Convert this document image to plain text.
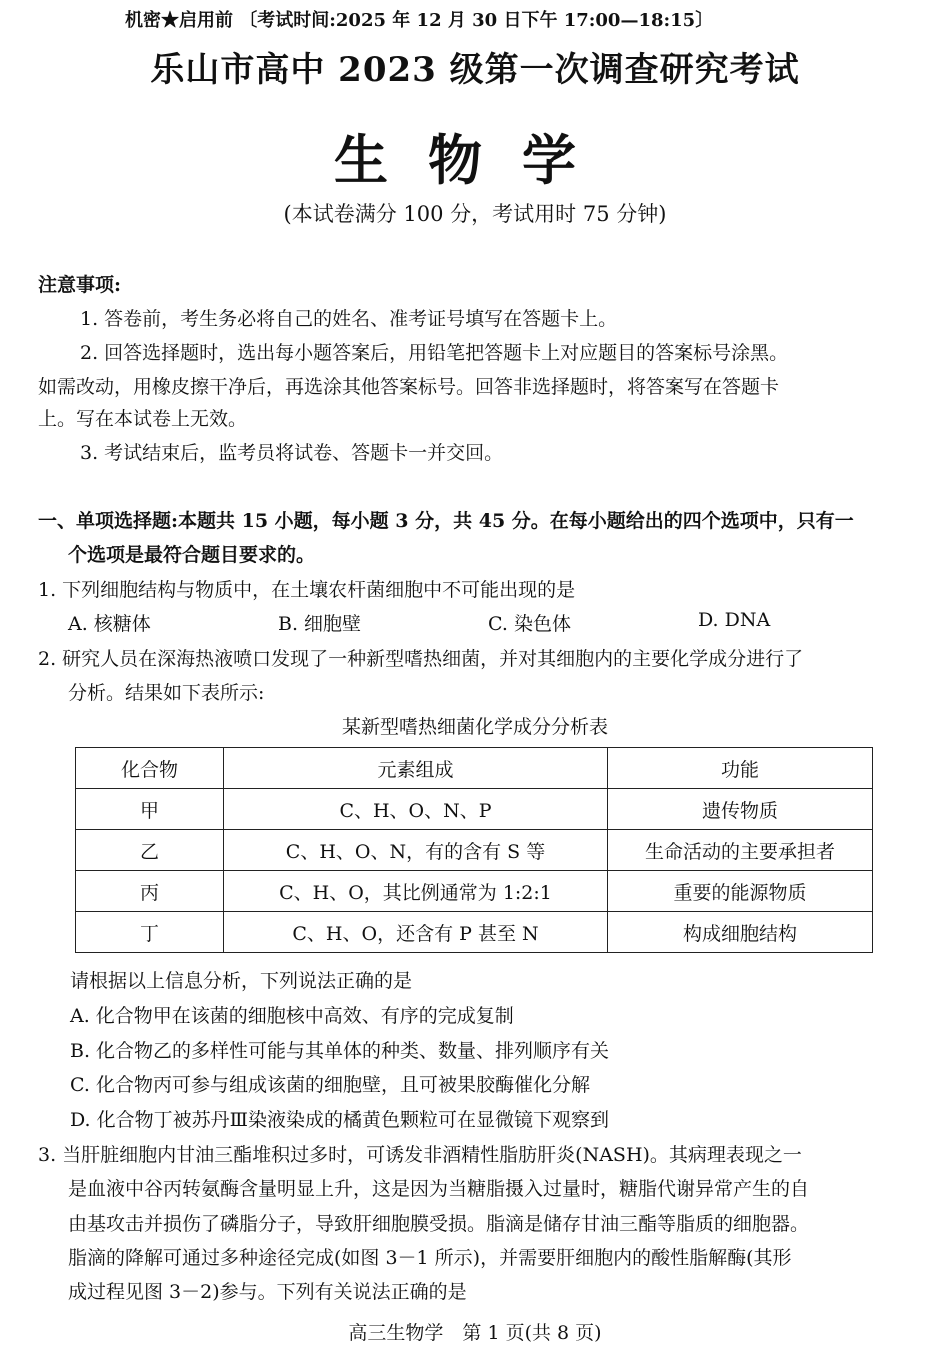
机密★启用前 〔考试时间:2025 年 12 月 30 日下午 17:00—18:15〕
乐山市高中 2023 级第一次调查研究考试
生物学
(本试卷满分 100 分，考试用时 75 分钟)
注意事项:
1. 答卷前，考生务必将自己的姓名、准考证号填写在答题卡上。
2. 回答选择题时，选出每小题答案后，用铅笔把答题卡上对应题目的答案标号涂黑。
如需改动，用橡皮擦干净后，再选涂其他答案标号。回答非选择题时，将答案写在答题卡
上。写在本试卷上无效。
3. 考试结束后，监考员将试卷、答题卡一并交回。
一、单项选择题:本题共 15 小题，每小题 3 分，共 45 分。在每小题给出的四个选项中，只有一
个选项是最符合题目要求的。
1. 下列细胞结构与物质中，在土壤农杆菌细胞中不可能出现的是
A. 核糖体	B. 细胞壁	C. 染色体	D. DNA
2. 研究人员在深海热液喷口发现了一种新型嗜热细菌，并对其细胞内的主要化学成分进行了
分析。结果如下表所示:
某新型嗜热细菌化学成分分析表
化合物	元素组成	功能
甲	C、H、O、N、P	遗传物质
乙	C、H、O、N，有的含有 S 等	生命活动的主要承担者
丙	C、H、O，其比例通常为 1:2:1	重要的能源物质
丁	C、H、O，还含有 P 甚至 N	构成细胞结构
请根据以上信息分析，下列说法正确的是
A. 化合物甲在该菌的细胞核中高效、有序的完成复制
B. 化合物乙的多样性可能与其单体的种类、数量、排列顺序有关
C. 化合物丙可参与组成该菌的细胞壁，且可被果胶酶催化分解
D. 化合物丁被苏丹Ⅲ染液染成的橘黄色颗粒可在显微镜下观察到
3. 当肝脏细胞内甘油三酯堆积过多时，可诱发非酒精性脂肪肝炎(NASH)。其病理表现之一
是血液中谷丙转氨酶含量明显上升，这是因为当糖脂摄入过量时，糖脂代谢异常产生的自
由基攻击并损伤了磷脂分子，导致肝细胞膜受损。脂滴是储存甘油三酯等脂质的细胞器。
脂滴的降解可通过多种途径完成(如图 3－1 所示)，并需要肝细胞内的酸性脂解酶(其形
成过程见图 3－2)参与。下列有关说法正确的是
高三生物学　第 1 页(共 8 页)
